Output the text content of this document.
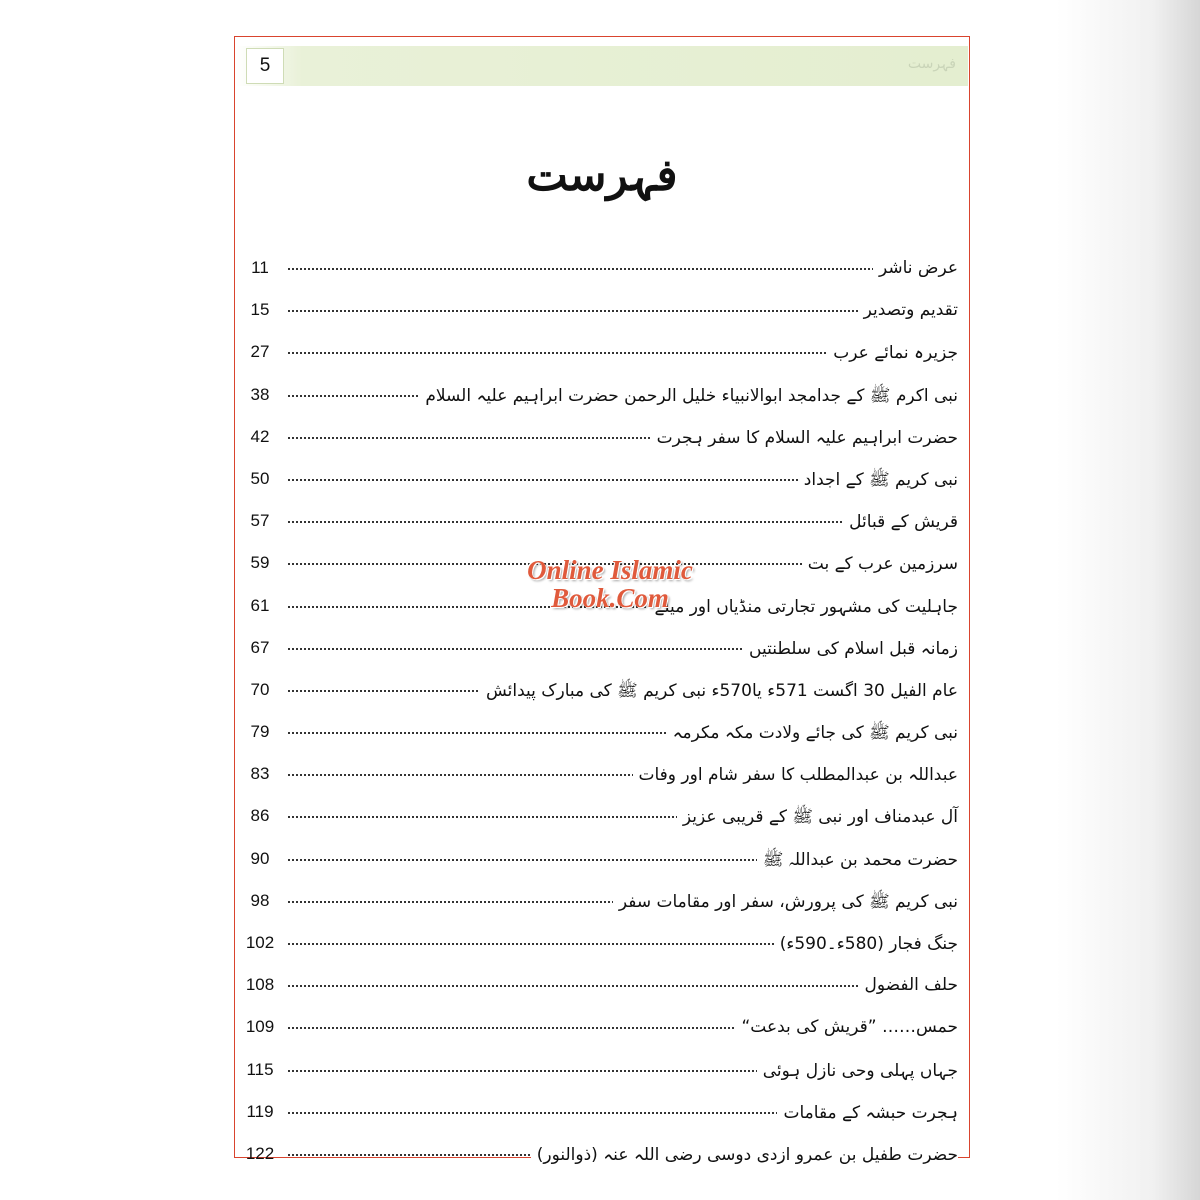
5	فہرست
فہرست
عرض ناشر
11
تقدیم وتصدیر
15
جزیرہ نمائے عرب
27
نبی اکرم ﷺ کے جدامجد ابوالانبیاء خلیل الرحمن حضرت ابراہیم علیہ السلام
38
حضرت ابراہیم علیہ السلام کا سفر ہجرت
42
نبی کریم ﷺ کے اجداد
50
قریش کے قبائل
57
سرزمین عرب کے بت
59
جاہلیت کی مشہور تجارتی منڈیاں اور میلے
61
زمانہ قبل اسلام کی سلطنتیں
67
عام الفیل 30 اگست 571ء یا570ء نبی کریم ﷺ کی مبارک پیدائش
70
نبی کریم ﷺ کی جائے ولادت مکہ مکرمہ
79
عبداللہ بن عبدالمطلب کا سفر شام اور وفات
83
آل عبدمناف اور نبی ﷺ کے قریبی عزیز
86
حضرت محمد بن عبداللہ ﷺ
90
نبی کریم ﷺ کی پرورش، سفر اور مقامات سفر
98
جنگ فجار (580ء۔590ء)
102
حلف الفضول
108
حمس…… ”قریش کی بدعت“
109
جہاں پہلی وحی نازل ہوئی
115
ہجرت حبشہ کے مقامات
119
حضرت طفیل بن عمرو ازدی دوسی رضی اللہ عنہ (ذوالنور)
122
Online Islamic
Book.Com
